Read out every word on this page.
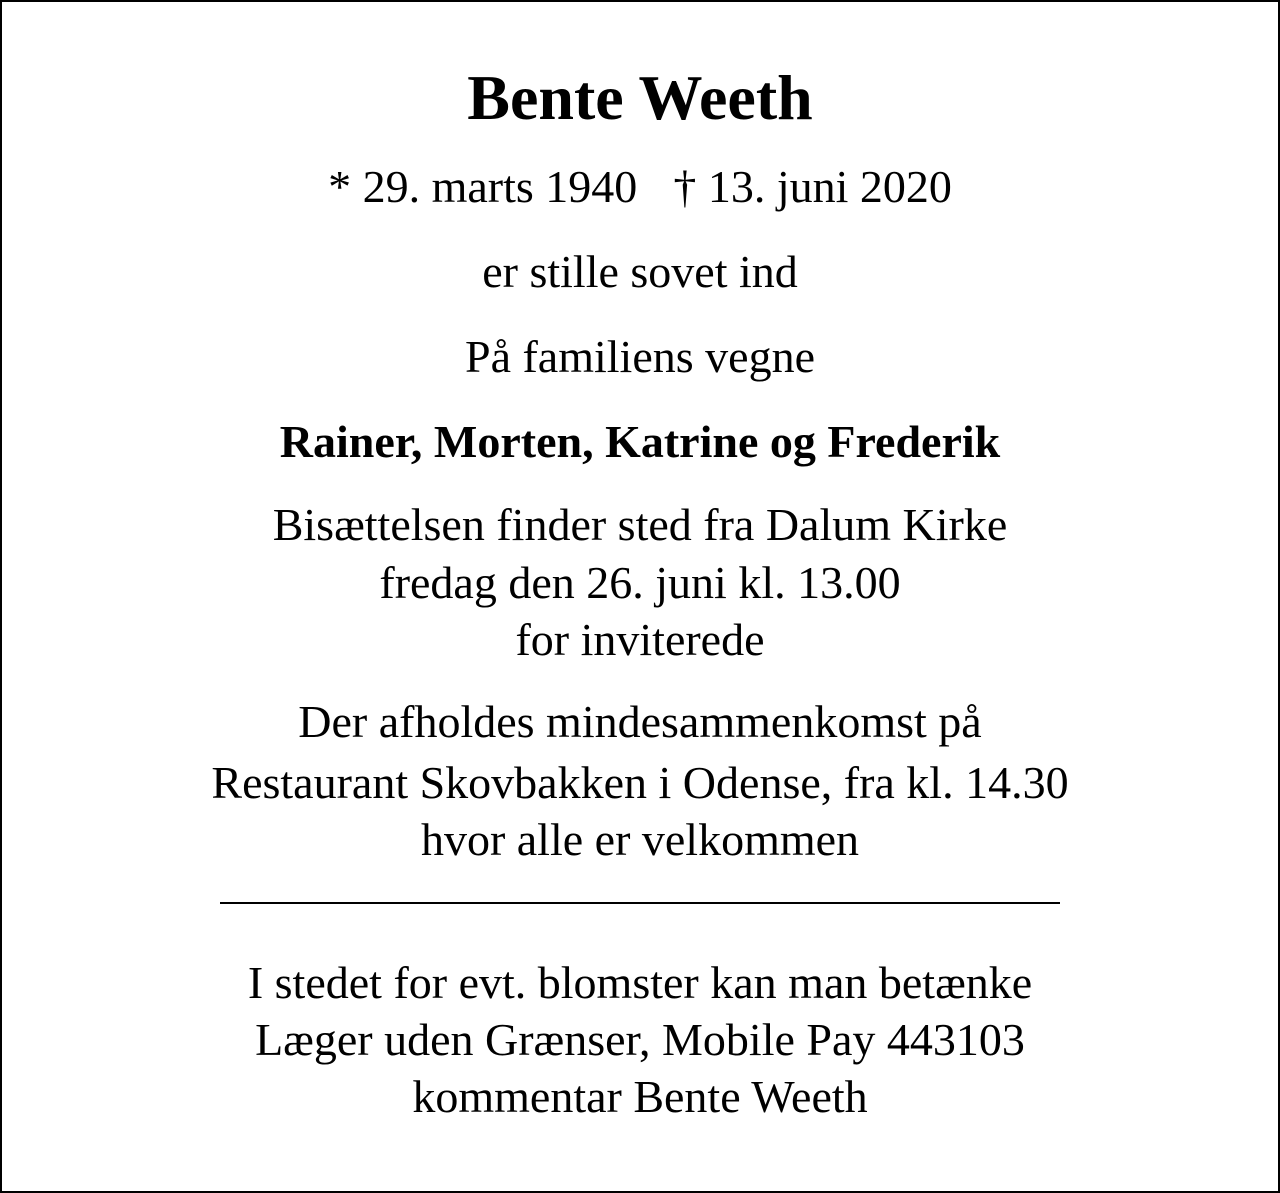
Bente Weeth
* 29. marts 1940 † 13. juni 2020
er stille sovet ind
På familiens vegne
Rainer, Morten, Katrine og Frederik
Bisættelsen finder sted fra Dalum Kirke
fredag den 26. juni kl. 13.00
for inviterede
Der afholdes mindesammenkomst på
Restaurant Skovbakken i Odense, fra kl. 14.30
hvor alle er velkommen
I stedet for evt. blomster kan man betænke
Læger uden Grænser, Mobile Pay 443103
kommentar Bente Weeth
